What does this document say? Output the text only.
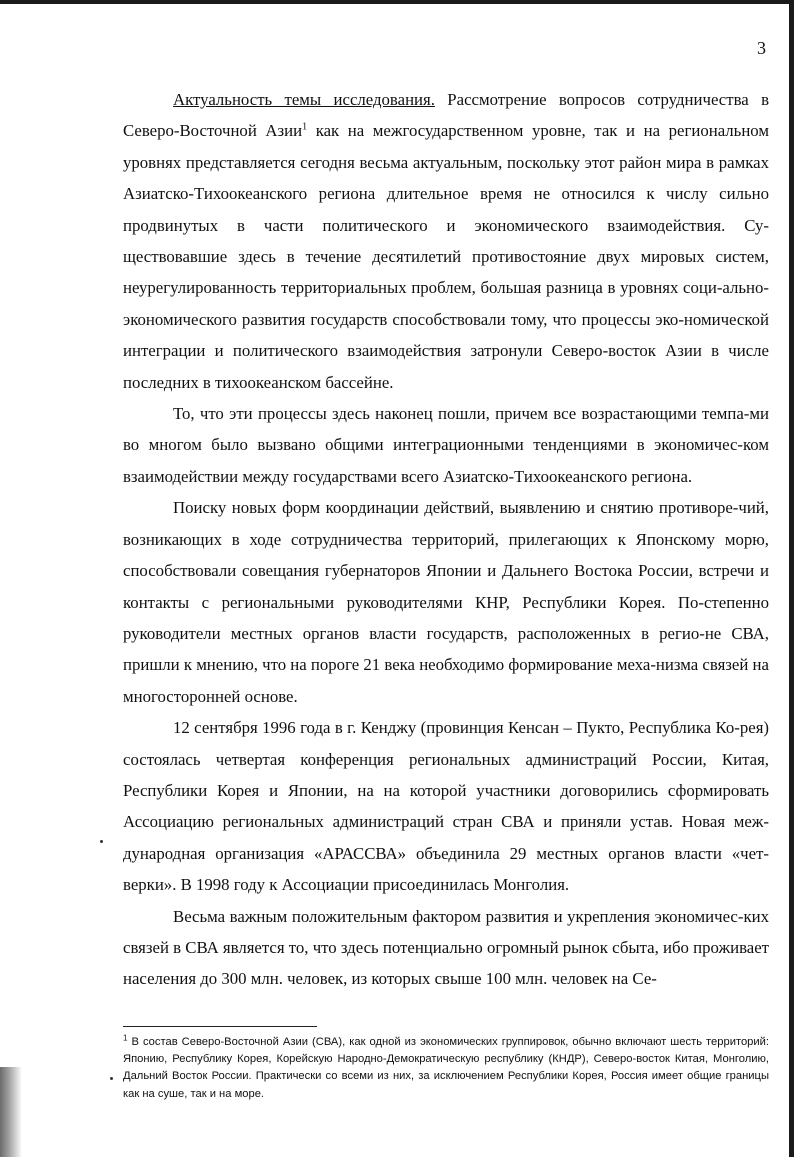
3

Актуальность темы исследования. Рассмотрение вопросов сотрудничества в Северо-Восточной Азии$^1$ как на межгосударственном уровне, так и на региональном уровнях представляется сегодня весьма актуальным, поскольку этот район мира в рамках Азиатско-Тихоокеанского региона длительное время не относился к числу сильно продвинутых в части политического и экономического взаимодействия. Су-ществовавшие здесь в течение десятилетий противостояние двух мировых систем, неурегулированность территориальных проблем, большая разница в уровнях соци-ально-экономического развития государств способствовали тому, что процессы эко-номической интеграции и политического взаимодействия затронули Северо-восток Азии в числе последних в тихоокеанском бассейне.

То, что эти процессы здесь наконец пошли, причем все возрастающими темпа-ми во многом было вызвано общими интеграционными тенденциями в экономичес-ком взаимодействии между государствами всего Азиатско-Тихоокеанского региона.

Поиску новых форм координации действий, выявлению и снятию противоре-чий, возникающих в ходе сотрудничества территорий, прилегающих к Японскому морю, способствовали совещания губернаторов Японии и Дальнего Востока России, встречи и контакты с региональными руководителями КНР, Республики Корея. По-степенно руководители местных органов власти государств, расположенных в регио-не СВА, пришли к мнению, что на пороге 21 века необходимо формирование меха-низма связей на многосторонней основе.

12 сентября 1996 года в г. Кенджу (провинция Кенсан – Пукто, Республика Ко-рея) состоялась четвертая конференция региональных администраций России, Китая, Республики Корея и Японии, на на которой участники договорились сформировать Ассоциацию региональных администраций стран СВА и приняли устав. Новая меж-дународная организация «АРАССВА» объединила 29 местных органов власти «чет-верки». В 1998 году к Ассоциации присоединилась Монголия.

Весьма важным положительным фактором развития и укрепления экономичес-ких связей в СВА является то, что здесь потенциально огромный рынок сбыта, ибо проживает населения до 300 млн. человек, из которых свыше 100 млн. человек на Се-

$^1$ В состав Северо-Восточной Азии (СВА), как одной из экономических группировок, обычно включают шесть территорий: Японию, Республику Корея, Корейскую Народно-Демократическую республику (КНДР), Северо-восток Китая, Монголию, Дальний Восток России. Практически со всеми из них, за исключением Республики Корея, Россия имеет общие границы как на суше, так и на море.
